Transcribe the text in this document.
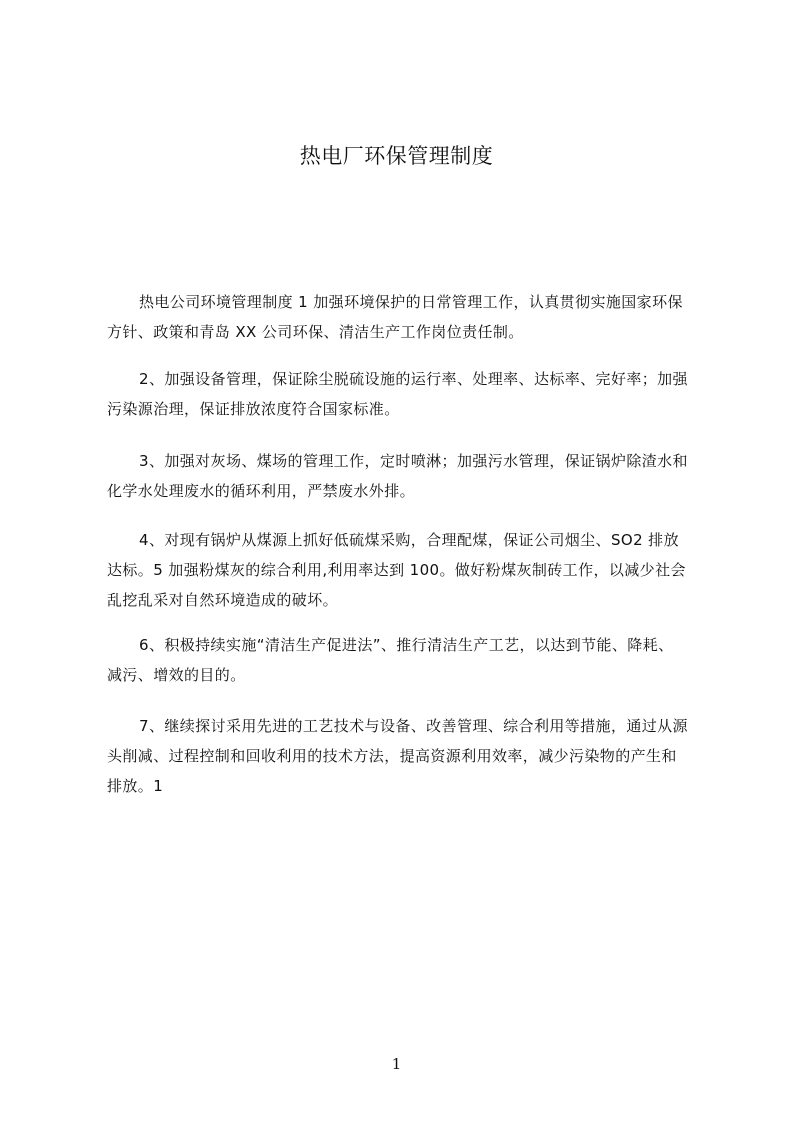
热电厂环保管理制度
热电公司环境管理制度 1 加强环境保护的日常管理工作，认真贯彻实施国家环保
方针、政策和青岛 XX 公司环保、清洁生产工作岗位责任制。
2、加强设备管理，保证除尘脱硫设施的运行率、处理率、达标率、完好率；加强
污染源治理，保证排放浓度符合国家标准。
3、加强对灰场、煤场的管理工作，定时喷淋；加强污水管理，保证锅炉除渣水和
化学水处理废水的循环利用，严禁废水外排。
4、对现有锅炉从煤源上抓好低硫煤采购，合理配煤，保证公司烟尘、SO2 排放
达标。5 加强粉煤灰的综合利用,利用率达到 100。做好粉煤灰制砖工作，以减少社会
乱挖乱采对自然环境造成的破坏。
6、积极持续实施“清洁生产促进法”、推行清洁生产工艺，以达到节能、降耗、
减污、增效的目的。
7、继续探讨采用先进的工艺技术与设备、改善管理、综合利用等措施，通过从源
头削减、过程控制和回收利用的技术方法，提高资源利用效率，减少污染物的产生和
排放。1
1
